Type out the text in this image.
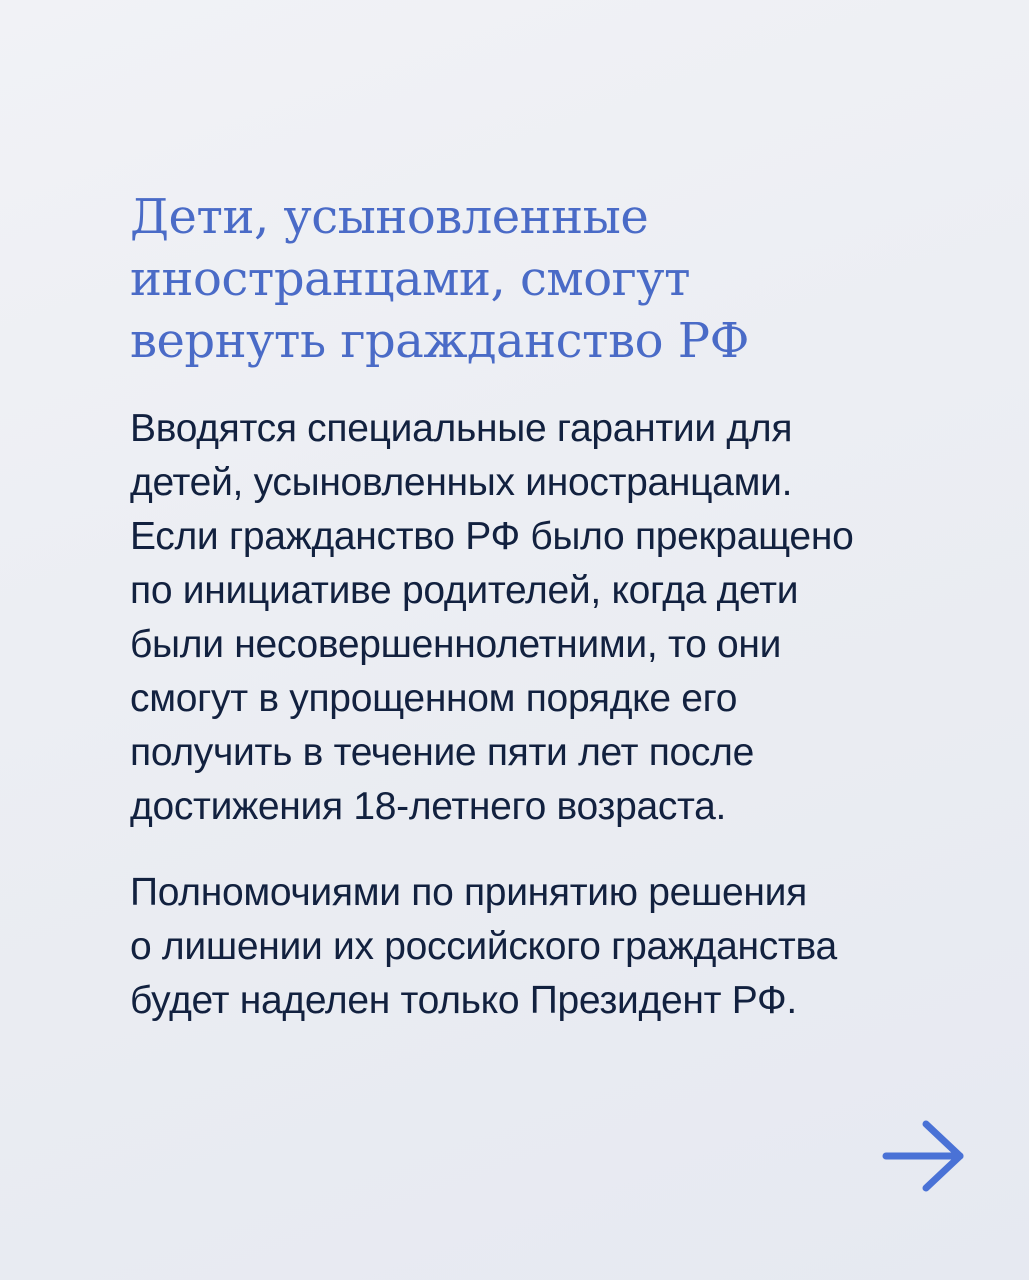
Дети, усыновленные
иностранцами, смогут
вернуть гражданство РФ

Вводятся специальные гарантии для
детей, усыновленных иностранцами.
Если гражданство РФ было прекращено
по инициативе родителей, когда дети
были несовершеннолетними, то они
смогут в упрощенном порядке его
получить в течение пяти лет после
достижения 18-летнего возраста.

Полномочиями по принятию решения
о лишении их российского гражданства
будет наделен только Президент РФ.
